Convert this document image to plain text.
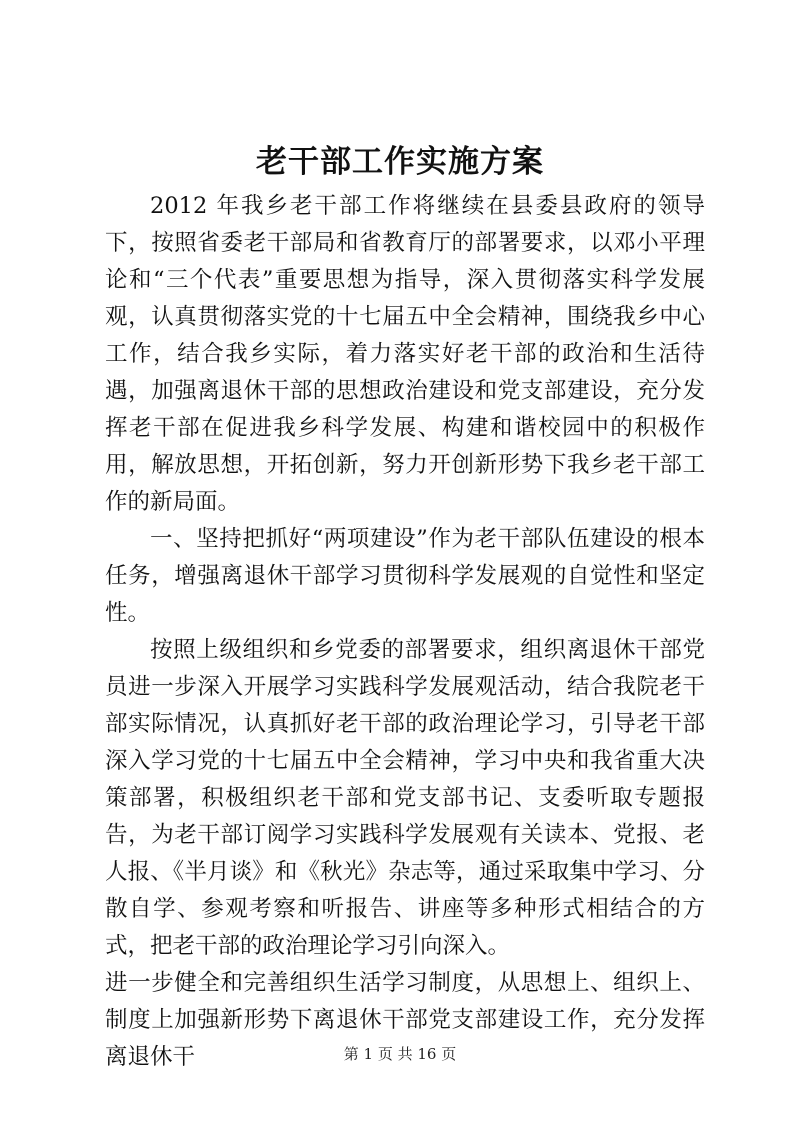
老干部工作实施方案

2012 年我乡老干部工作将继续在县委县政府的领导下，按照省委老干部局和省教育厅的部署要求，以邓小平理论和“三个代表”重要思想为指导，深入贯彻落实科学发展观，认真贯彻落实党的十七届五中全会精神，围绕我乡中心工作，结合我乡实际，着力落实好老干部的政治和生活待遇，加强离退休干部的思想政治建设和党支部建设，充分发挥老干部在促进我乡科学发展、构建和谐校园中的积极作用，解放思想，开拓创新，努力开创新形势下我乡老干部工作的新局面。

一、坚持把抓好“两项建设”作为老干部队伍建设的根本任务，增强离退休干部学习贯彻科学发展观的自觉性和坚定性。

按照上级组织和乡党委的部署要求，组织离退休干部党员进一步深入开展学习实践科学发展观活动，结合我院老干部实际情况，认真抓好老干部的政治理论学习，引导老干部深入学习党的十七届五中全会精神，学习中央和我省重大决策部署，积极组织老干部和党支部书记、支委听取专题报告，为老干部订阅学习实践科学发展观有关读本、党报、老人报、《半月谈》和《秋光》杂志等，通过采取集中学习、分散自学、参观考察和听报告、讲座等多种形式相结合的方式，把老干部的政治理论学习引向深入。

进一步健全和完善组织生活学习制度，从思想上、组织上、制度上加强新形势下离退休干部党支部建设工作，充分发挥离退休干	第 1 页 共 16 页
